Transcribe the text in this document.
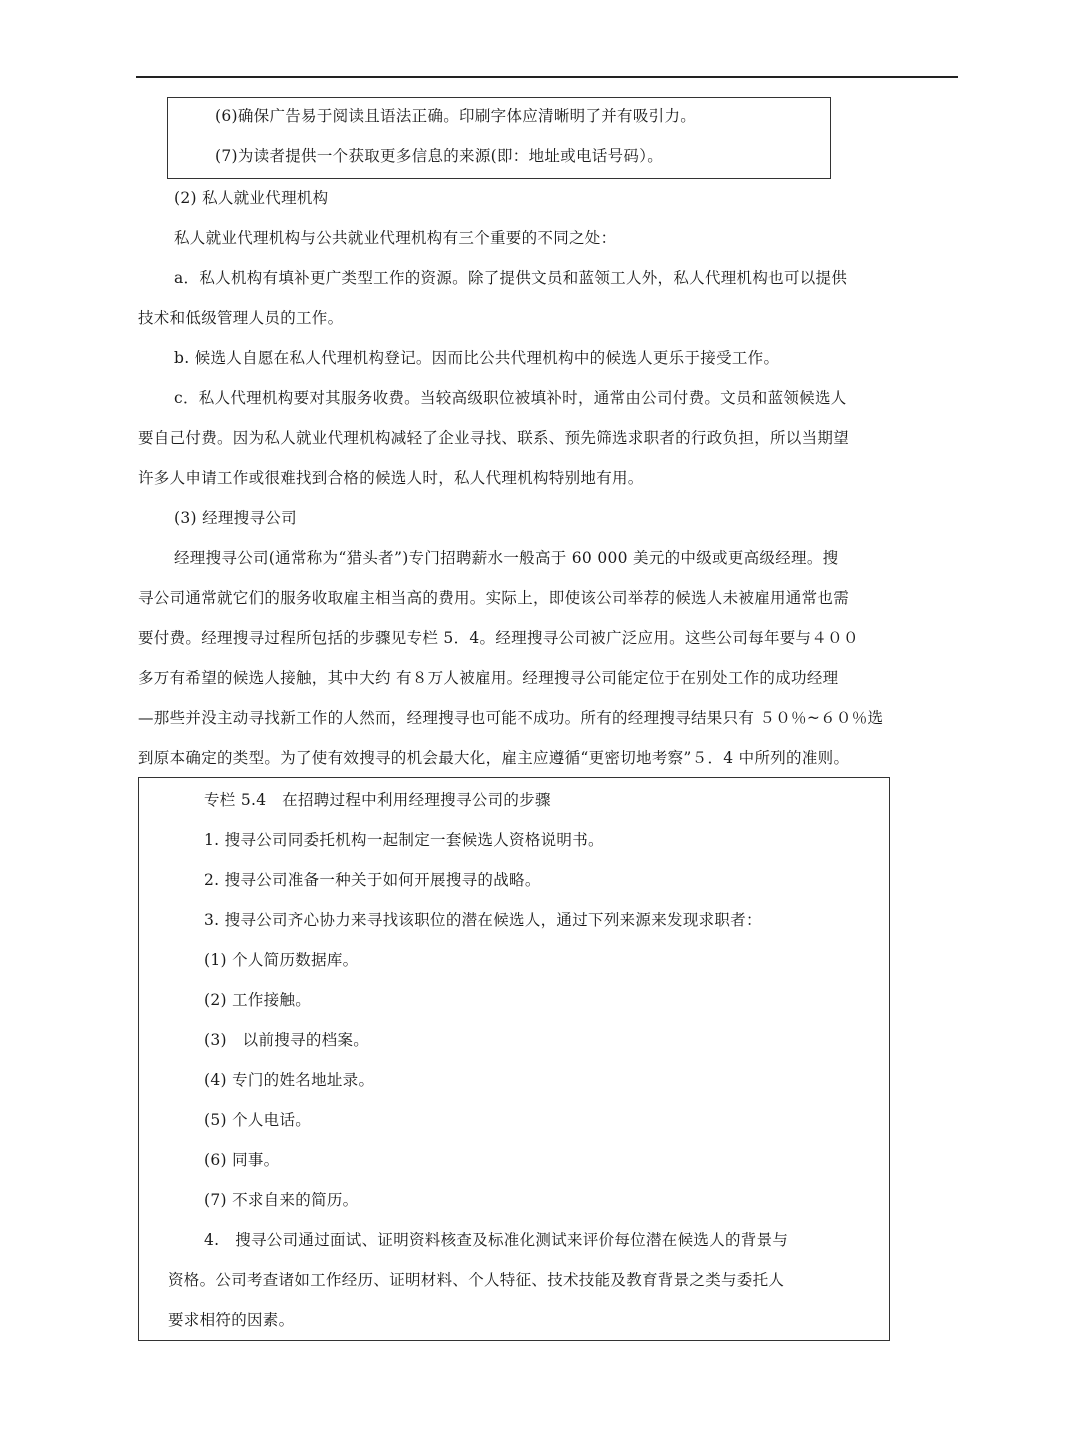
(6)确保广告易于阅读且语法正确。印刷字体应清晰明了并有吸引力。
(7)为读者提供一个获取更多信息的来源(即：地址或电话号码）。
(2) 私人就业代理机构
私人就业代理机构与公共就业代理机构有三个重要的不同之处：
a．私人机构有填补更广类型工作的资源。除了提供文员和蓝领工人外，私人代理机构也可以提供
技术和低级管理人员的工作。
b. 候选人自愿在私人代理机构登记。因而比公共代理机构中的候选人更乐于接受工作。
c．私人代理机构要对其服务收费。当较高级职位被填补时，通常由公司付费。文员和蓝领候选人
要自己付费。因为私人就业代理机构减轻了企业寻找、联系、预先筛选求职者的行政负担，所以当期望
许多人申请工作或很难找到合格的候选人时，私人代理机构特别地有用。
(3) 经理搜寻公司
经理搜寻公司(通常称为“猎头者”)专门招聘薪水一般高于 60 000 美元的中级或更高级经理。搜
寻公司通常就它们的服务收取雇主相当高的费用。实际上，即使该公司举荐的候选人未被雇用通常也需
要付费。经理搜寻过程所包括的步骤见专栏 5．4。经理搜寻公司被广泛应用。这些公司每年要与４００
多万有希望的候选人接触，其中大约 有８万人被雇用。经理搜寻公司能定位于在别处工作的成功经理
—那些并没主动寻找新工作的人然而，经理搜寻也可能不成功。所有的经理搜寻结果只有 ５０％~６０％选
到原本确定的类型。为了使有效搜寻的机会最大化，雇主应遵循“更密切地考察”５．4 中所列的准则。
专栏 5.4　在招聘过程中利用经理搜寻公司的步骤
1. 搜寻公司同委托机构一起制定一套候选人资格说明书。
2. 搜寻公司准备一种关于如何开展搜寻的战略。
3. 搜寻公司齐心协力来寻找该职位的潜在候选人，通过下列来源来发现求职者：
(1) 个人简历数据库。
(2) 工作接触。
(3)　以前搜寻的档案。
(4) 专门的姓名地址录。
(5) 个人电话。
(6) 同事。
(7) 不求自来的简历。
4.　搜寻公司通过面试、证明资料核查及标准化测试来评价每位潜在候选人的背景与
资格。公司考查诸如工作经历、证明材料、个人特征、技术技能及教育背景之类与委托人
要求相符的因素。
